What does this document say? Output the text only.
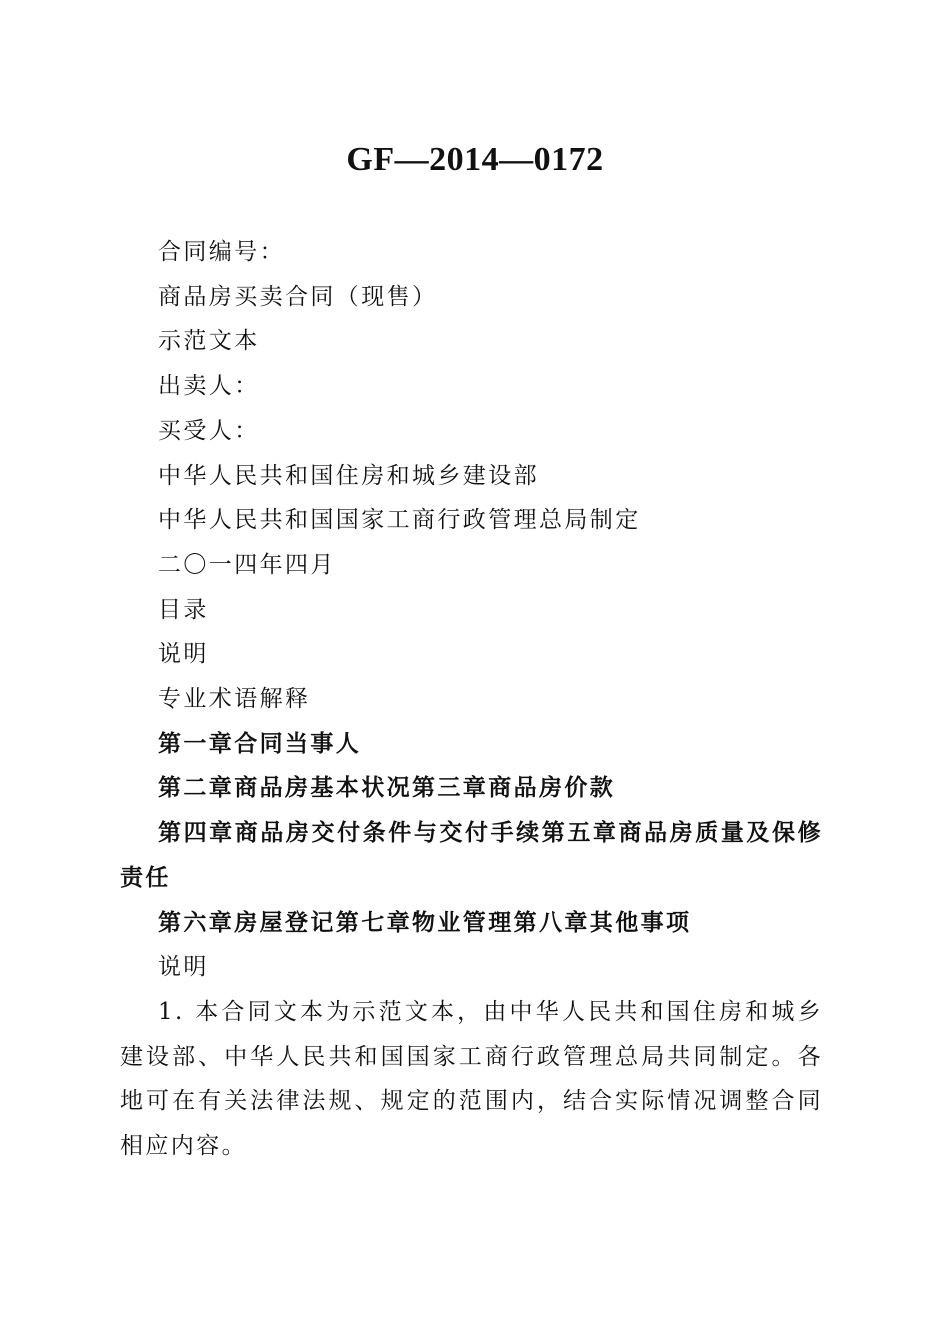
GF—2014—0172
合同编号：
商品房买卖合同（现售）
示范文本
出卖人：
买受人：
中华人民共和国住房和城乡建设部
中华人民共和国国家工商行政管理总局制定
二〇一四年四月
目录
说明
专业术语解释
第一章合同当事人
第二章商品房基本状况第三章商品房价款
第四章商品房交付条件与交付手续第五章商品房质量及保修责任
第六章房屋登记第七章物业管理第八章其他事项
说明
1. 本合同文本为示范文本，由中华人民共和国住房和城乡建设部、中华人民共和国国家工商行政管理总局共同制定。各地可在有关法律法规、规定的范围内，结合实际情况调整合同相应内容。
